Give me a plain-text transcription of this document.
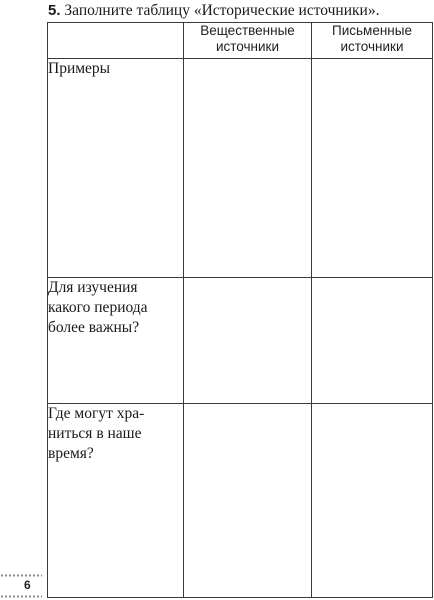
5. Заполните таблицу «Исторические источники».
	Вещественные
источники	Письменные
источники
Примеры		
Для изучения
какого периода
более важны?		
Где могут хра-
ниться в наше
время?		
6
